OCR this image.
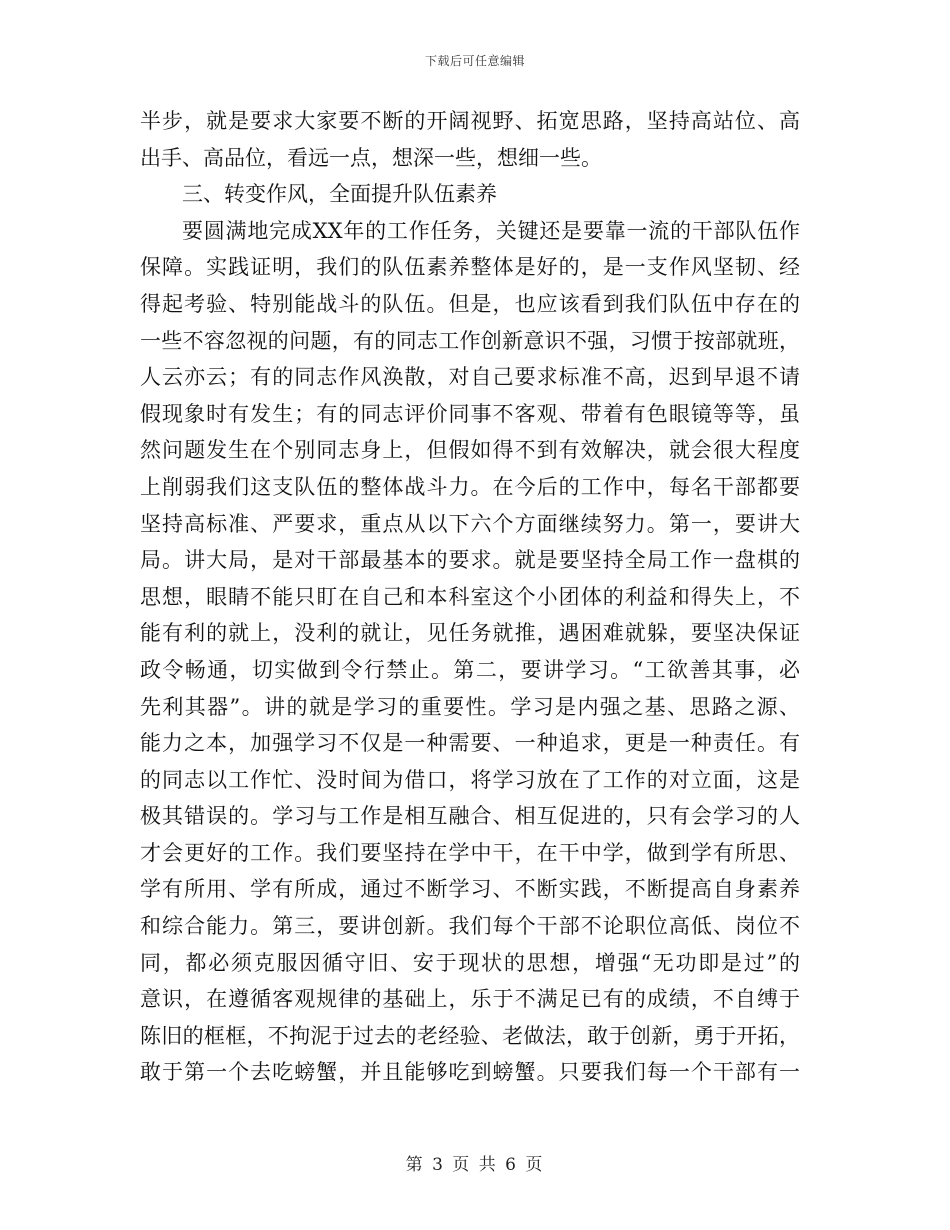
下载后可任意编辑
半步，就是要求大家要不断的开阔视野、拓宽思路，坚持高站位、高
出手、高品位，看远一点，想深一些，想细一些。
三、转变作风，全面提升队伍素养
要圆满地完成XX年的工作任务，关键还是要靠一流的干部队伍作
保障。实践证明，我们的队伍素养整体是好的，是一支作风坚韧、经
得起考验、特别能战斗的队伍。但是，也应该看到我们队伍中存在的
一些不容忽视的问题，有的同志工作创新意识不强，习惯于按部就班，
人云亦云；有的同志作风涣散，对自己要求标准不高，迟到早退不请
假现象时有发生；有的同志评价同事不客观、带着有色眼镜等等，虽
然问题发生在个别同志身上，但假如得不到有效解决，就会很大程度
上削弱我们这支队伍的整体战斗力。在今后的工作中，每名干部都要
坚持高标准、严要求，重点从以下六个方面继续努力。第一，要讲大
局。讲大局，是对干部最基本的要求。就是要坚持全局工作一盘棋的
思想，眼睛不能只盯在自己和本科室这个小团体的利益和得失上，不
能有利的就上，没利的就让，见任务就推，遇困难就躲，要坚决保证
政令畅通，切实做到令行禁止。第二，要讲学习。“工欲善其事，必
先利其器”。讲的就是学习的重要性。学习是内强之基、思路之源、
能力之本，加强学习不仅是一种需要、一种追求，更是一种责任。有
的同志以工作忙、没时间为借口，将学习放在了工作的对立面，这是
极其错误的。学习与工作是相互融合、相互促进的，只有会学习的人
才会更好的工作。我们要坚持在学中干，在干中学，做到学有所思、
学有所用、学有所成，通过不断学习、不断实践，不断提高自身素养
和综合能力。第三，要讲创新。我们每个干部不论职位高低、岗位不
同，都必须克服因循守旧、安于现状的思想，增强“无功即是过”的
意识，在遵循客观规律的基础上，乐于不满足已有的成绩，不自缚于
陈旧的框框，不拘泥于过去的老经验、老做法，敢于创新，勇于开拓，
敢于第一个去吃螃蟹，并且能够吃到螃蟹。只要我们每一个干部有一
第 3 页 共 6 页
